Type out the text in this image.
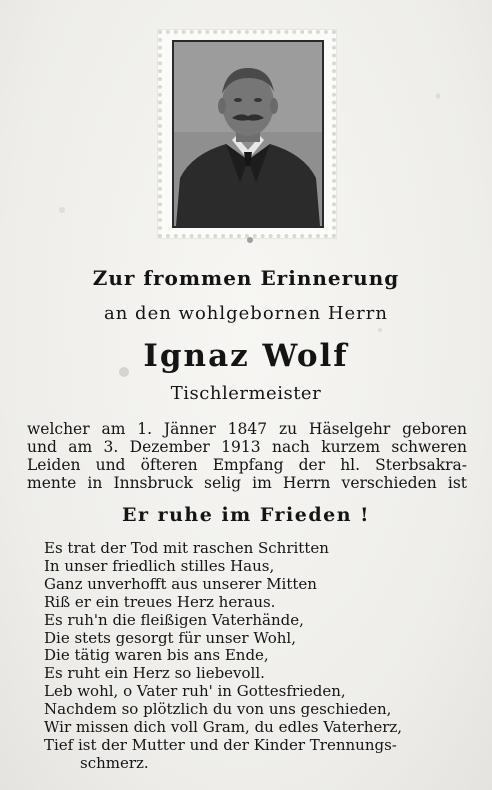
Zur frommen Erinnerung
an den wohlgebornen Herrn
Ignaz Wolf
Tischlermeister
welcher am 1. Jänner 1847 zu Häselgehr geboren
und am 3. Dezember 1913 nach kurzem schweren
Leiden und öfteren Empfang der hl. Sterbsakra-
mente in Innsbruck selig im Herrn verschieden ist
Er ruhe im Frieden !
Es trat der Tod mit raschen Schritten
In unser friedlich stilles Haus,
Ganz unverhofft aus unserer Mitten
Riß er ein treues Herz heraus.
Es ruh'n die fleißigen Vaterhände,
Die stets gesorgt für unser Wohl,
Die tätig waren bis ans Ende,
Es ruht ein Herz so liebevoll.
Leb wohl, o Vater ruh' in Gottesfrieden,
Nachdem so plötzlich du von uns geschieden,
Wir missen dich voll Gram, du edles Vaterherz,
Tief ist der Mutter und der Kinder Trennungs-
schmerz.
